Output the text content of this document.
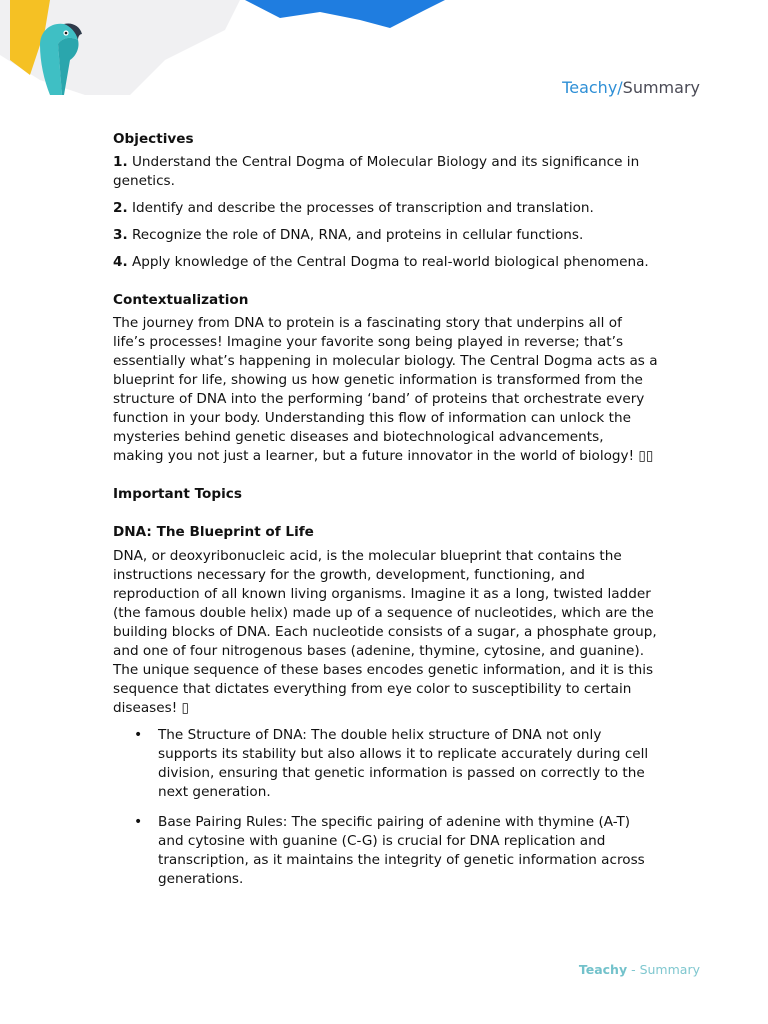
Teachy/Summary

Objectives

1. Understand the Central Dogma of Molecular Biology and its significance in genetics.

2. Identify and describe the processes of transcription and translation.

3. Recognize the role of DNA, RNA, and proteins in cellular functions.

4. Apply knowledge of the Central Dogma to real-world biological phenomena.

Contextualization

The journey from DNA to protein is a fascinating story that underpins all of life’s processes! Imagine your favorite song being played in reverse; that’s essentially what’s happening in molecular biology. The Central Dogma acts as a blueprint for life, showing us how genetic information is transformed from the structure of DNA into the performing ‘band’ of proteins that orchestrate every function in your body. Understanding this flow of information can unlock the mysteries behind genetic diseases and biotechnological advancements, making you not just a learner, but a future innovator in the world of biology! ▯▯

Important Topics

DNA: The Blueprint of Life

DNA, or deoxyribonucleic acid, is the molecular blueprint that contains the instructions necessary for the growth, development, functioning, and reproduction of all known living organisms. Imagine it as a long, twisted ladder (the famous double helix) made up of a sequence of nucleotides, which are the building blocks of DNA. Each nucleotide consists of a sugar, a phosphate group, and one of four nitrogenous bases (adenine, thymine, cytosine, and guanine). The unique sequence of these bases encodes genetic information, and it is this sequence that dictates everything from eye color to susceptibility to certain diseases! ▯

• The Structure of DNA: The double helix structure of DNA not only supports its stability but also allows it to replicate accurately during cell division, ensuring that genetic information is passed on correctly to the next generation.
• Base Pairing Rules: The specific pairing of adenine with thymine (A-T) and cytosine with guanine (C-G) is crucial for DNA replication and transcription, as it maintains the integrity of genetic information across generations.
Teachy - Summary
